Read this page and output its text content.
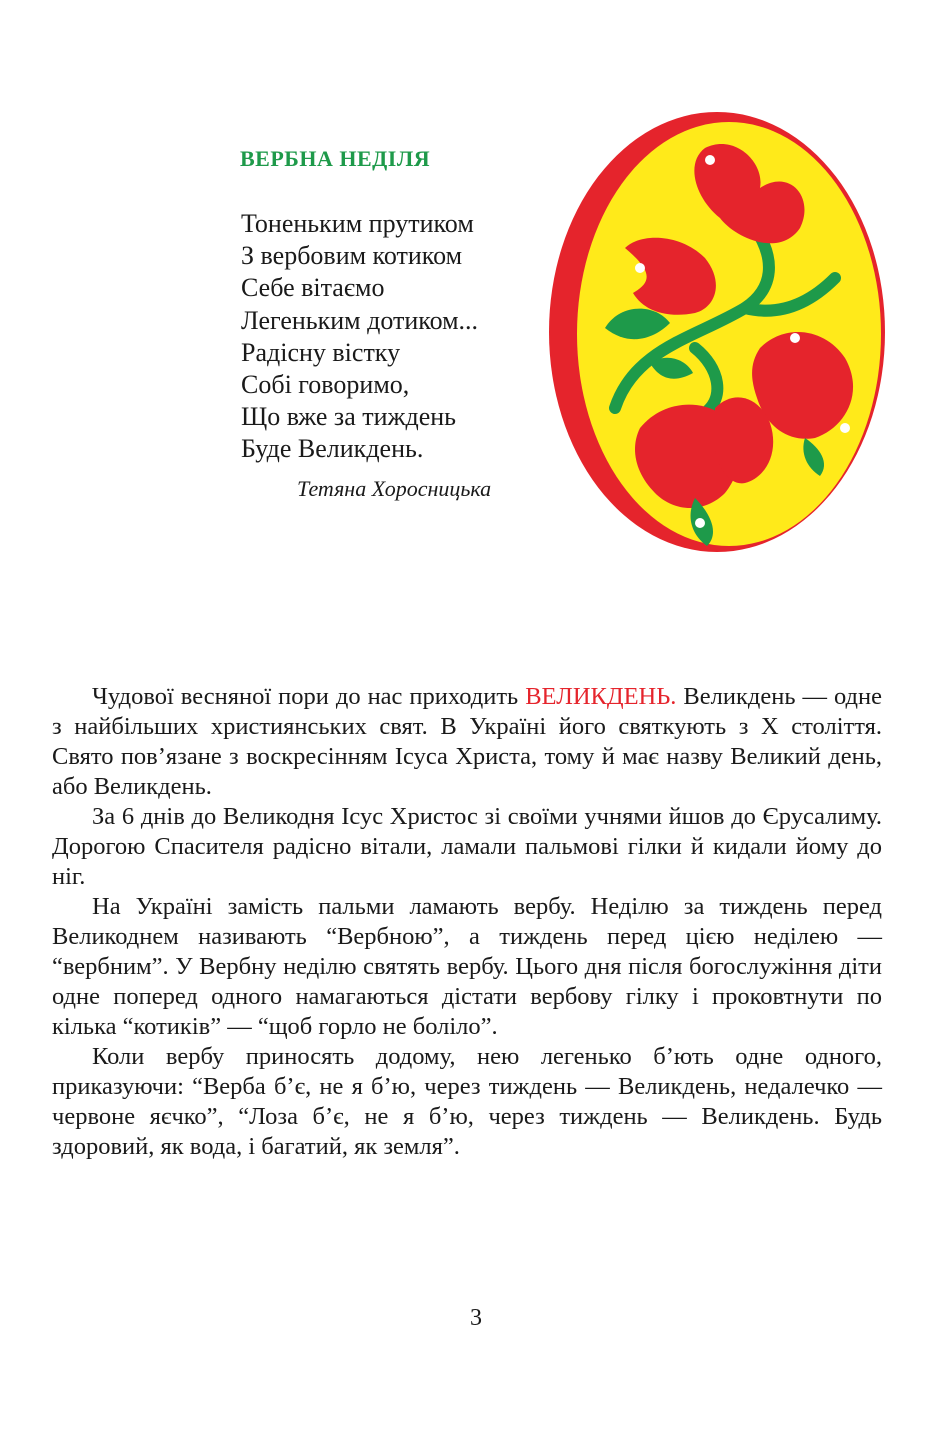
ВЕРБНА НЕДІЛЯ
Тоненьким прутиком
З вербовим котиком
Себе вітаємо
Легеньким дотиком...
Радісну вістку
Собі говоримо,
Що вже за тиждень
Буде Великдень.

Тетяна Хоросницька

Чудової весняної пори до нас приходить ВЕЛИКДЕНЬ. Великдень — одне з найбільших християнських свят. В Україні його святкують з Х століття. Свято пов’язане з воскресінням Ісуса Христа, тому й має назву Великий день, або Великдень.

За 6 днів до Великодня Ісус Христос зі своїми учнями йшов до Єрусалиму. Дорогою Спасителя радісно вітали, ламали пальмові гілки й кидали йому до ніг.

На Україні замість пальми ламають вербу. Неділю за тиждень перед Великоднем називають “Вербною”, а тиждень перед цією неділею — “вербним”. У Вербну неділю святять вербу. Цього дня після богослужіння діти одне поперед одного намагаються дістати вербову гілку і проковтнути по кілька “котиків” — “щоб горло не боліло”.

Коли вербу приносять додому, нею легенько б’ють одне одного, приказуючи: “Верба б’є, не я б’ю, через тиждень — Великдень, недалечко — червоне яєчко”, “Лоза б’є, не я б’ю, через тиждень — Великдень. Будь здоровий, як вода, і багатий, як земля”.

3
